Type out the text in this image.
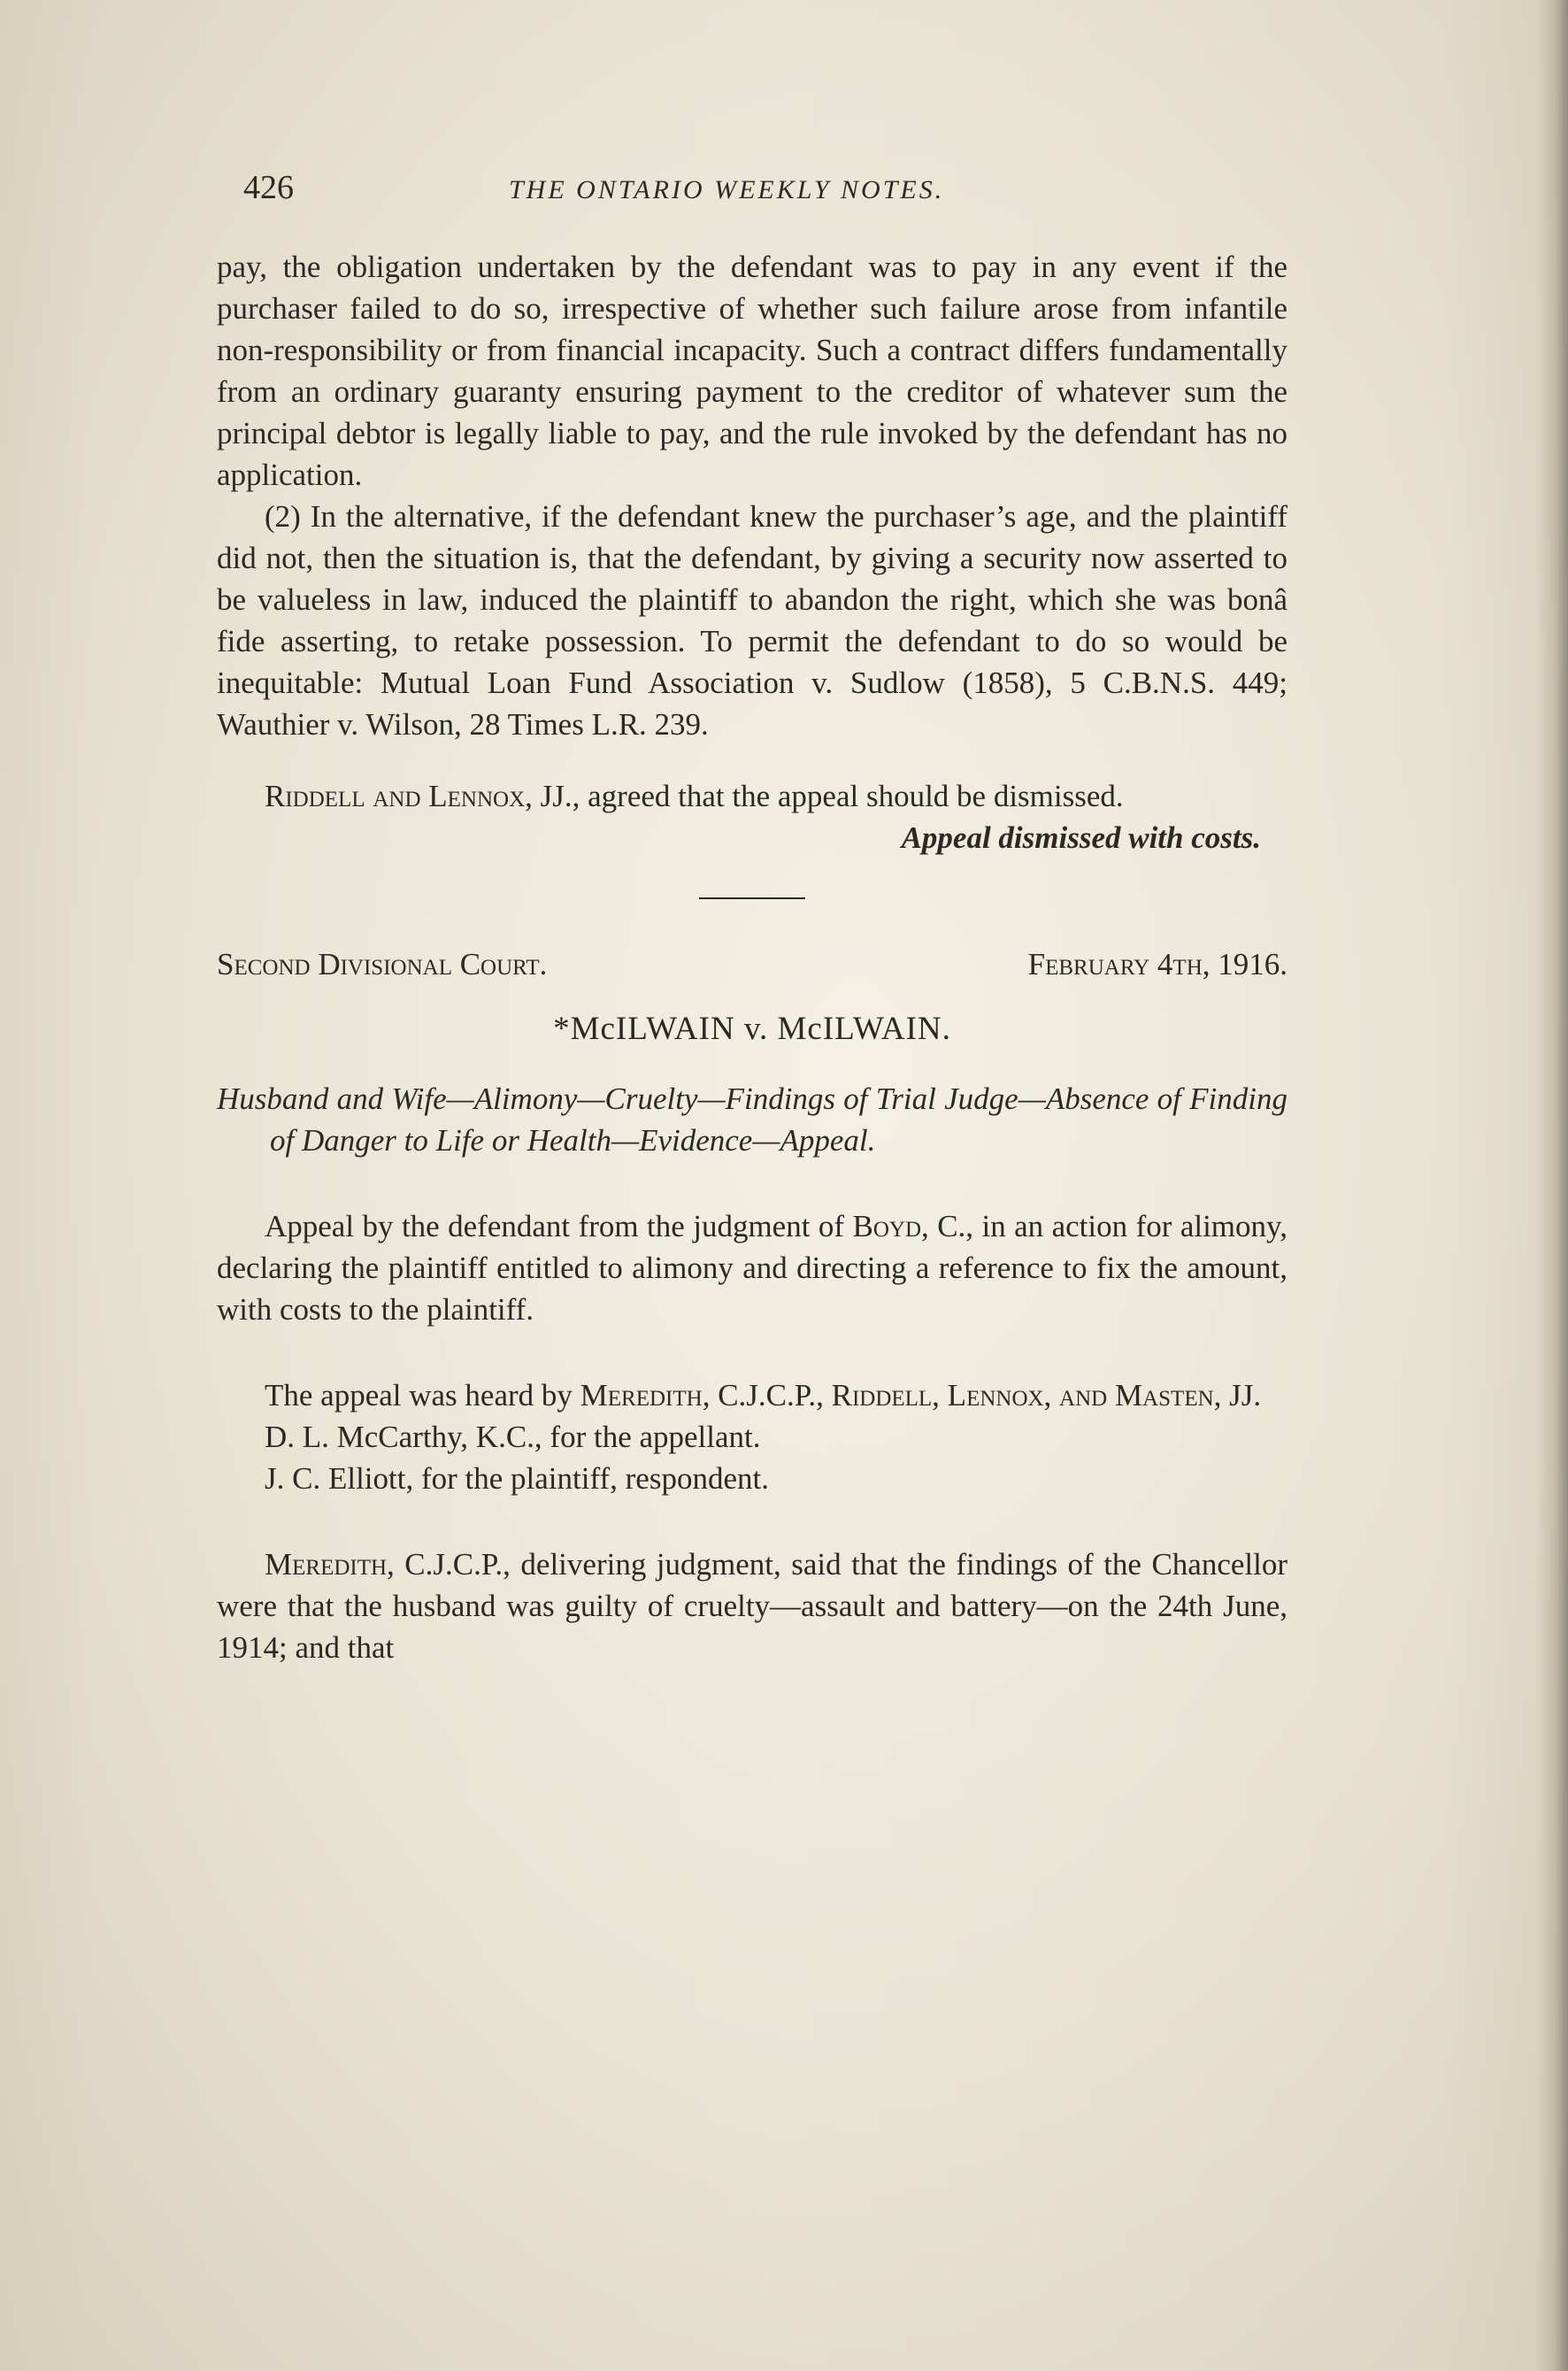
426	THE ONTARIO WEEKLY NOTES.

pay, the obligation undertaken by the defendant was to pay in any event if the purchaser failed to do so, irrespective of whether such failure arose from infantile non-responsibility or from financial incapacity. Such a contract differs fundamentally from an ordinary guaranty ensuring payment to the creditor of whatever sum the principal debtor is legally liable to pay, and the rule invoked by the defendant has no application.

(2) In the alternative, if the defendant knew the purchaser’s age, and the plaintiff did not, then the situation is, that the defendant, by giving a security now asserted to be valueless in law, induced the plaintiff to abandon the right, which she was bonâ fide asserting, to retake possession. To permit the defendant to do so would be inequitable: Mutual Loan Fund Association v. Sudlow (1858), 5 C.B.N.S. 449; Wauthier v. Wilson, 28 Times L.R. 239.

Riddell and Lennox, JJ., agreed that the appeal should be dismissed.

Appeal dismissed with costs.

Second Divisional Court.	February 4th, 1916.
*McILWAIN v. McILWAIN.

Husband and Wife—Alimony—Cruelty—Findings of Trial Judge—Absence of Finding of Danger to Life or Health—Evidence—Appeal.

Appeal by the defendant from the judgment of Boyd, C., in an action for alimony, declaring the plaintiff entitled to alimony and directing a reference to fix the amount, with costs to the plaintiff.

The appeal was heard by Meredith, C.J.C.P., Riddell, Lennox, and Masten, JJ.

D. L. McCarthy, K.C., for the appellant.

J. C. Elliott, for the plaintiff, respondent.

Meredith, C.J.C.P., delivering judgment, said that the findings of the Chancellor were that the husband was guilty of cruelty—assault and battery—on the 24th June, 1914; and that
